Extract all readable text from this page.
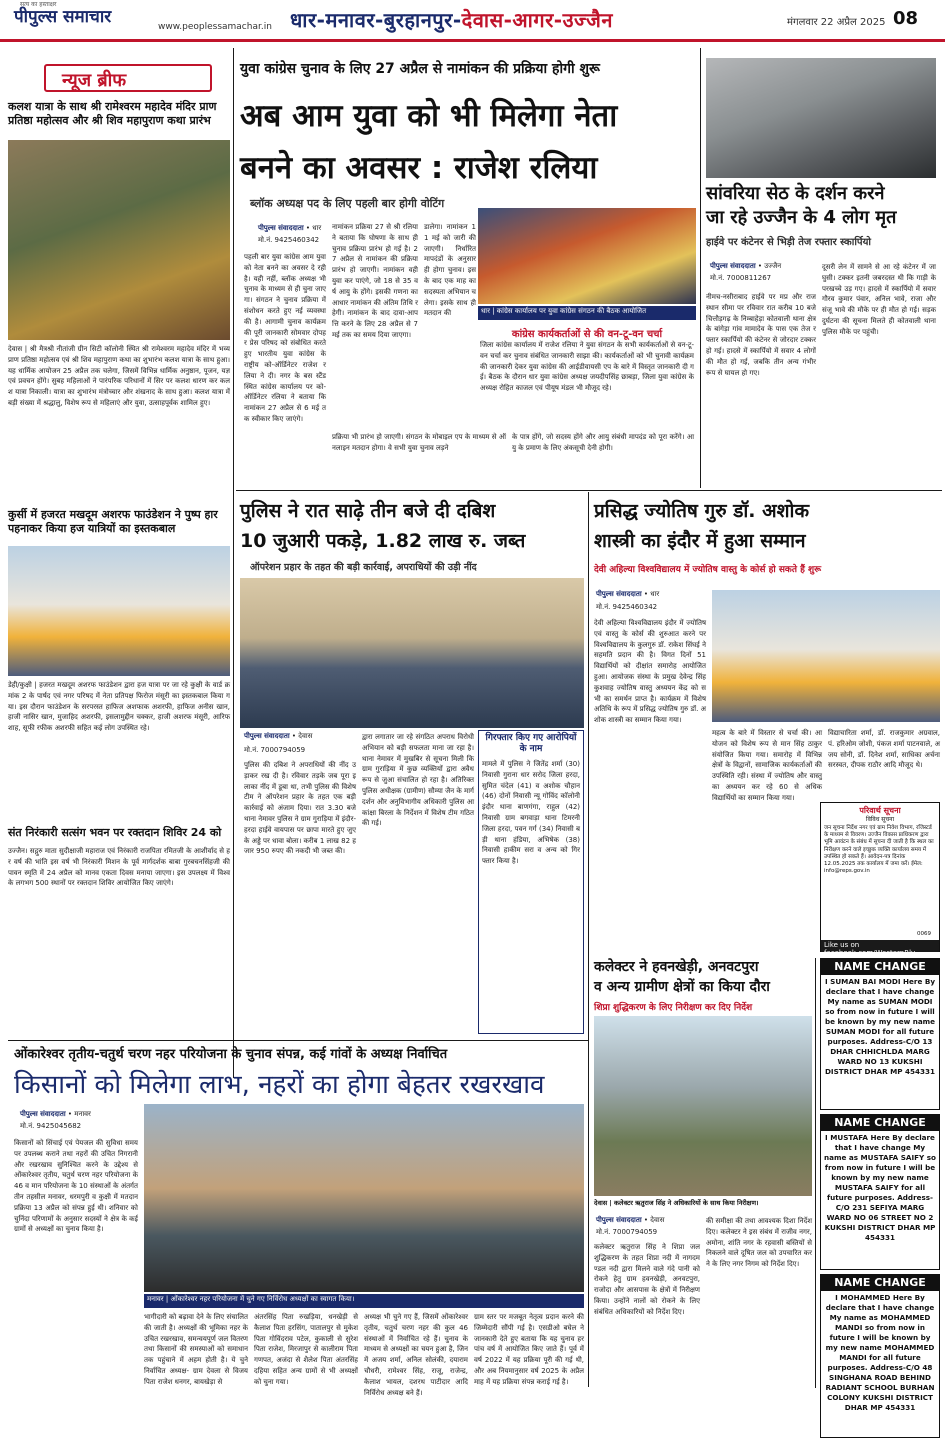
सत्य का हस्ताक्षर
पीपुल्स समाचार	www.peoplessamachar.in धार-मनावर-बुरहानपुर-देवास-आगर-उज्जैन	मंगलवार 22 अप्रैल 2025 08
न्यूज ब्रीफ
कलश यात्रा के साथ श्री रामेश्वरम महादेव मंदिर प्राण प्रतिष्ठा महोत्सव और श्री शिव महापुराण कथा प्रारंभ
देवास | श्री मैत्रश्री नीतांजी ग्रीन सिटी कॉलोनी स्थित श्री रामेश्वरम महादेव मंदिर में भव्य प्राण प्रतिष्ठा महोत्सव एवं श्री शिव महापुराण कथा का शुभारंभ कलश यात्रा के साथ हुआ। यह धार्मिक आयोजन 25 अप्रैल तक चलेगा, जिसमें विभिन्न धार्मिक अनुष्ठान, पूजन, यज्ञ एवं प्रवचन होंगे। सुबह महिलाओं ने पारंपरिक परिधानों में सिर पर कलश धारण कर कलश यात्रा निकाली। यात्रा का शुभारंभ मंत्रोच्चार और शंखनाद के साथ हुआ। कलश यात्रा में बड़ी संख्या में श्रद्धालु, विशेष रूप से महिलाएं और युवा, उत्साहपूर्वक शामिल हुए।
कुर्सी में हजरत मखदूम अशरफ फाउंडेशन ने पुष्प हार पहनाकर किया हज यात्रियों का इस्तकबाल
डेही/कुक्षी | हजरत मखदूम अशरफ फाउंडेशन द्वारा हज यात्रा पर जा रहे कुक्षी के वार्ड क्रमांक 2 के पार्षद एवं नगर परिषद में नेता प्रतिपक्ष फिरोज मंसूरी का इस्तकबाल किया गया। इस दौरान फाउंडेशन के सरपरस्त हाफिज अशफाक अशरफी, हाफिज अनीस खान, हाजी नासिर खान, मुजाहिद अशरफी, इसलामुद्दीन चक्कर, हाजी अशरफ मंसूरी, आरिफ शाह, सूफी रफीक अशरफी सहित कई लोग उपस्थित रहे।
संत निरंकारी सत्संग भवन पर रक्तदान शिविर 24 को
उज्जैन। सद्गुरु माता सुदीक्षाजी महाराज एवं निरंकारी राजपिता रमितजी के आशीर्वाद से हर वर्ष की भांति इस वर्ष भी निरंकारी मिशन के पूर्व मार्गदर्शक बाबा गुरबचनसिंहजी की पावन स्मृति में 24 अप्रैल को मानव एकता दिवस मनाया जाएगा। इस उपलक्ष्य में विश्व के लगभग 500 स्थानों पर रक्तदान शिविर आयोजित किए जाएंगे।
युवा कांग्रेस चुनाव के लिए 27 अप्रैल से नामांकन की प्रक्रिया होगी शुरू
अब आम युवा को भी मिलेगा नेता
बनने का अवसर : राजेश रलिया
ब्लॉक अध्यक्ष पद के लिए पहली बार होगी वोटिंग
पीपुल्स संवाददाता • धार
मो.नं. 9425460342
पहली बार युवा कांग्रेस आम युवा को नेता बनने का अवसर दे रही है। यही नहीं, ब्लॉक अध्यक्ष भी चुनाव के माध्यम से ही चुना जाएगा। संगठन ने चुनाव प्रक्रिया में संशोधन करते हुए नई व्यवस्था की है। आगामी चुनाव कार्यक्रम की पूरी जानकारी सोमवार दोपहर प्रेस परिषद को संबोधित करते हुए भारतीय युवा कांग्रेस के राष्ट्रीय को-ऑर्डिनेटर राजेश रलिया ने दी। नगर के बस स्टैंड स्थित कांग्रेस कार्यालय पर को-ऑर्डिनेटर रलिया ने बताया कि नामांकन 27 अप्रैल से 6 मई तक स्वीकार किए जाएंगे।
नामांकन प्रक्रिया 27 से श्री रलिया ने बताया कि घोषणा के साथ ही चुनाव प्रक्रिया प्रारंभ हो गई है। 27 अप्रैल से नामांकन की प्रक्रिया प्रारंभ हो जाएगी। नामांकन वही युवा कर पाएंगे, जो 18 से 35 वर्ष आयु के होंगे। इसकी गणना का आधार नामांकन की अंतिम तिथि रहेगी। नामांकन के बाद दावा-आपत्ति करने के लिए 28 अप्रैल से 7 मई तक का समय दिया जाएगा।
डालेगा। नामांकन 11 मई को जारी की जाएगी। निर्धारित मापदंडों के अनुसार ही होगा चुनाव। इसके बाद एक माह का सदस्यता अभियान चलेगा। इसके साथ ही मतदान की	धार | कांग्रेस कार्यालय पर युवा कांग्रेस संगठन की बैठक आयोजित
कांग्रेस कार्यकर्ताओं से की वन-टू-वन चर्चा
जिला कांग्रेस कार्यालय में राजेश रलिया ने युवा संगठन के सभी कार्यकर्ताओं से वन-टू-वन चर्चा कर चुनाव संबंधित जानकारी साझा की। कार्यकर्ताओं को भी चुनावी कार्यक्रम की जानकारी देकर युवा कांग्रेस की आईडीवायसी एप के बारे में विस्तृत जानकारी दी गई। बैठक के दौरान धार युवा कांग्रेस अध्यक्ष जयदीपसिंह छाबड़ा, जिला युवा कांग्रेस के अध्यक्ष रोहित काजल एवं पीयूष मंडल भी मौजूद रहे।
प्रक्रिया भी प्रारंभ हो जाएगी। संगठन के मोबाइल एप के माध्यम से ऑनलाइन मतदान होगा। वे सभी युवा चुनाव लड़ने
के पात्र होंगे, जो सदस्य होंगे और आयु संबंधी मापदंड को पूरा करेंगे। आयु के प्रमाण के लिए अंकसूची देनी होगी।
सांवरिया सेठ के दर्शन करने
जा रहे उज्जैन के 4 लोग मृत
हाईवे पर कंटेनर से भिड़ी तेज रफ्तार स्कार्पियो
पीपुल्स संवाददाता • उज्जैन
मो.नं. 7000811267
नीमच-नसीराबाद हाईवे पर मप्र और राजस्थान सीमा पर रविवार रात करीब 10 बजे चित्तौड़गढ़ के निम्बाहेड़ा कोतवाली थाना क्षेत्र के बांगेड़ा गांव मामादेव के पास एक तेज रफ्तार स्कार्पियो की कंटेनर से जोरदार टक्कर हो गई। हादसे में स्कार्पियो में सवार 4 लोगों की मौत हो गई, जबकि तीन अन्य गंभीर रूप से घायल हो गए।
दूसरी लेन में सामने से आ रहे कंटेनर में जा घुसी। टक्कर इतनी जबरदस्त थी कि गाड़ी के परखच्चे उड़ गए। हादसे में स्कार्पियो में सवार गौरव कुमार पंवार, अनिल भावे, राजा और संजू भावे की मौके पर ही मौत हो गई। सड़क दुर्घटना की सूचना मिलते ही कोतवाली थाना पुलिस मौके पर पहुंची।
पुलिस ने रात साढ़े तीन बजे दी दबिश
10 जुआरी पकड़े, 1.82 लाख रु. जब्त
ऑपरेशन प्रहार के तहत की बड़ी कार्रवाई, अपराधियों की उड़ी नींद
पीपुल्स संवाददाता • देवास
मो.नं. 7000794059
पुलिस की दबिश ने अपराधियों की नींद उड़ाकर रख दी है। रविवार तड़के जब पूरा इलाका नींद में डूबा था, तभी पुलिस की विशेष टीम ने ऑपरेशन प्रहार के तहत एक बड़ी कार्रवाई को अंजाम दिया। रात 3.30 बजे थाना नेमावर पुलिस ने ग्राम गुराड़िया में इंदौर-हरदा हाईवे वायपास पर छापा मारते हुए जुए के अड्डे पर धावा बोला। करीब 1 लाख 82 हजार 950 रुपए की नकदी भी जब्त की।
द्वारा लगातार जा रहे संगठित अपराध विरोधी अभियान को बड़ी सफलता माना जा रहा है। थाना नेमावर में मुखबिर से सूचना मिली कि ग्राम गुराड़िया में कुछ व्यक्तियों द्वारा अवैध रूप से जुआ संचालित हो रहा है। अतिरिक्त पुलिस अधीक्षक (ग्रामीण) सौम्या जैन के मार्गदर्शन और अनुविभागीय अधिकारी पुलिस आकांक्षा बिरला के निर्देशन में विशेष टीम गठित की गई।
गिरफ्तार किए गए आरोपियों के नाम
मामले में पुलिस ने जितेंद्र शर्मा (30) निवासी गुराना धार सरोद जिला हरदा, सुमित चंदेल (41) व अशोक चौहान (46) दोनों निवासी न्यू गोविंद कॉलोनी इंदौर थाना बाणगंगा, राहुल (42) निवासी ग्राम बगवाड़ा थाना टिमरनी जिला हरदा, पवन गर्ग (34) निवासी बड़ी थाना हंडिया, अभिषेक (38) निवासी हाकीम सरा व अन्य को गिरफ्तार किया है।
प्रसिद्ध ज्योतिष गुरु डॉ. अशोक
शास्त्री का इंदौर में हुआ सम्मान
देवी अहिल्या विश्वविद्यालय में ज्योतिष वास्तु के कोर्स हो सकते हैं शुरू
पीपुल्स संवाददाता • धार
मो.नं. 9425460342
देवी अहिल्या विश्वविद्यालय इंदौर में ज्योतिष एवं वास्तु के कोर्स की शुरुआत करने पर विश्वविद्यालय के कुलगुरु डॉ. राकेश सिंघई ने सहमति प्रदान की है। विगत दिनों 51 विद्यार्थियों को दीक्षांत समारोह आयोजित हुआ। आयोजक संस्था के प्रमुख देवेन्द्र सिंह कुशवाह ज्योतिष वास्तु अध्ययन केंद्र को सभी का समर्थन प्राप्त है। कार्यक्रम में विशेष अतिथि के रूप में प्रसिद्ध ज्योतिष गुरु डॉ. अशोक शास्त्री का सम्मान किया गया।
महत्व के बारे में विस्तार से चर्चा की। आयोजन को विशेष रूप से मान सिंह ठाकुर संयोजित किया गया। समारोह में विभिन्न क्षेत्रों के विद्वानों, सामाजिक कार्यकर्ताओं की उपस्थिति रही। संस्था में ज्योतिष और वास्तु का अध्ययन कर रहे 60 से अधिक विद्यार्थियों का सम्मान किया गया।
विद्याचारिता शर्मा, डॉ. राजकुमार अग्रवाल, पं. हरिओम जोशी, पंकज शर्मा पाटनवाले, अजय सोनी, डॉ. दिनेश शर्मा, साधिका अर्चना सरस्वत, दीपक राठौर आदि मौजूद थे।
परिवार्थ सूचना
विविध सूचना
जन सूचना निर्देश नगर एवं ग्राम निवेश विभाग, रजिस्टर्ड के माध्यम से विवरण। उज्जैन विकास प्राधिकरण द्वारा भूमि आवंटन के संबंध में सूचना दी जाती है कि स्थल का निरीक्षण करने वाले इच्छुक व्यक्ति कार्यालय समय में उपस्थित हो सकते हैं। आवेदन-पत्र दिनांक 12.05.2025 तक कार्यालय में जमा करें। ईमेल: info@reps.gov.in
0069
Like us on facebook.com/WesternRly
कलेक्टर ने हवनखेड़ी, अनवटपुरा
व अन्य ग्रामीण क्षेत्रों का किया दौरा
शिप्रा शुद्धिकरण के लिए निरीक्षण कर दिए निर्देश
देवास | कलेक्टर ऋतुराज सिंह ने अधिकारियों के साथ किया निरीक्षण।
पीपुल्स संवाददाता • देवास
मो.नं. 7000794059
कलेक्टर ऋतुराज सिंह ने शिप्रा जल शुद्धिकरण के तहत शिप्रा नदी में नागदमण्डल नदी द्वारा मिलने वाले गंदे पानी को रोकने हेतु ग्राम हवनखेड़ी, अनवटपुरा, राजोदा और आसपास के क्षेत्रों में निरीक्षण किया। उन्होंने नालों को रोकने के लिए संबंधित अधिकारियों को निर्देश दिए।
की समीक्षा की तथा आवश्यक दिशा निर्देश दिए। कलेक्टर ने इस संबंध में राजीव नगर, अमोना, शांति नगर के रहवासी बस्तियों से निकलने वाले दूषित जल को उपचारित करने के लिए नगर निगम को निर्देश दिए।
NAME CHANGE
I SUMAN BAI MODI Here By declare that I have change My name as SUMAN MODI so from now in future I will be known by my new name SUMAN MODI for all future purposes. Address-C/O 13 DHAR CHHICHLDA MARG WARD NO 13 KUKSHI DISTRICT DHAR MP 454331
NAME CHANGE
I MUSTAFA Here By declare that I have change My name as MUSTAFA SAIFY so from now in future I will be known by my new name MUSTAFA SAIFY for all future purposes. Address-C/O 231 SEFIYA MARG WARD NO 06 STREET NO 2 KUKSHI DISTRICT DHAR MP 454331
NAME CHANGE
I MOHAMMED Here By declare that I have change My name as MOHAMMED MANDI so from now in future I will be known by my new name MOHAMMED MANDI for all future purposes. Address-C/O 48 SINGHANA ROAD BEHIND RADIANT SCHOOL BURHAN COLONY KUKSHI DISTRICT DHAR MP 454331
ओंकारेश्वर तृतीय-चतुर्थ चरण नहर परियोजना के चुनाव संपन्न, कई गांवों के अध्यक्ष निर्वाचित
किसानों को मिलेगा लाभ, नहरों का होगा बेहतर रखरखाव
पीपुल्स संवाददाता • मनावर
मो.नं. 9425045682
किसानों को सिंचाई एवं पेयजल की सुविधा समय पर उपलब्ध कराने तथा नहरों की उचित निगरानी और रखरखाव सुनिश्चित करने के उद्देश्य से ओंकारेश्वर तृतीय, चतुर्थ चरण नहर परियोजना के 46 व मान परियोजना के 10 संस्थाओं के अंतर्गत तीन तहसील मनावर, धरमपुरी व कुक्षी में मतदान प्रक्रिया 13 अप्रैल को संपन्न हुई थी। शनिवार को चुनिंदा परिणामों के अनुसार सदस्यों ने क्षेत्र के कई ग्रामों से अध्यक्षों का चुनाव किया है।
मनावर | ओंकारेश्वर नहर परियोजना में चुने गए निर्विरोध अध्यक्षों का स्वागत किया।
भागीदारी को बढ़ावा देने के लिए संचालित की जाती है। अध्यक्षों की भूमिका नहर के उचित रखरखाव, समन्वयपूर्ण जल वितरण तथा किसानों की समस्याओं को समाधान तक पहुंचाने में अहम होती है। ये चुने निर्वाचित अध्यक्ष- ग्राम देवला से विजय पिता राजेश धनगर, बायखेड़ा से
अंतरसिंह पिता रुखड़िया, धनखेड़ी से कैलाश पिता हरसिंग, पातालपुर से मुकेश पिता गोविंदराव पटेल, कुकाली से सुरेश पिता राजेश, मिरजापुर से कालीराम पिता गणपत, अजंदा से शैलेश पिता अंतरसिंह दहिया सहित अन्य ग्रामों से भी अध्यक्षों को चुना गया।
अध्यक्ष भी चुने गए हैं, जिसमें ओंकारेश्वर तृतीय, चतुर्थ चरण नहर की कुल 46 संस्थाओं में निर्वाचित रहे हैं। चुनाव के माध्यम से अध्यक्षों का चयन हुआ है, जिनमें अजय शर्मा, अनिल सोलंकी, दयाराम चौधरी, रामेश्वर सिंह, राजू, राजेन्द्र, कैलाश भायल, दशरथ पाटीदार आदि निर्विरोध अध्यक्ष बने हैं।
ग्राम स्तर पर मजबूत नेतृत्व प्रदान करने की जिम्मेदारी सौंपी गई है। एसडीओ बघेल ने जानकारी देते हुए बताया कि यह चुनाव हर पांच वर्ष में आयोजित किए जाते हैं। पूर्व में वर्ष 2022 में यह प्रक्रिया पूरी की गई थी, और अब नियमानुसार वर्ष 2025 के अप्रैल माह में यह प्रक्रिया संपन्न कराई गई है।
